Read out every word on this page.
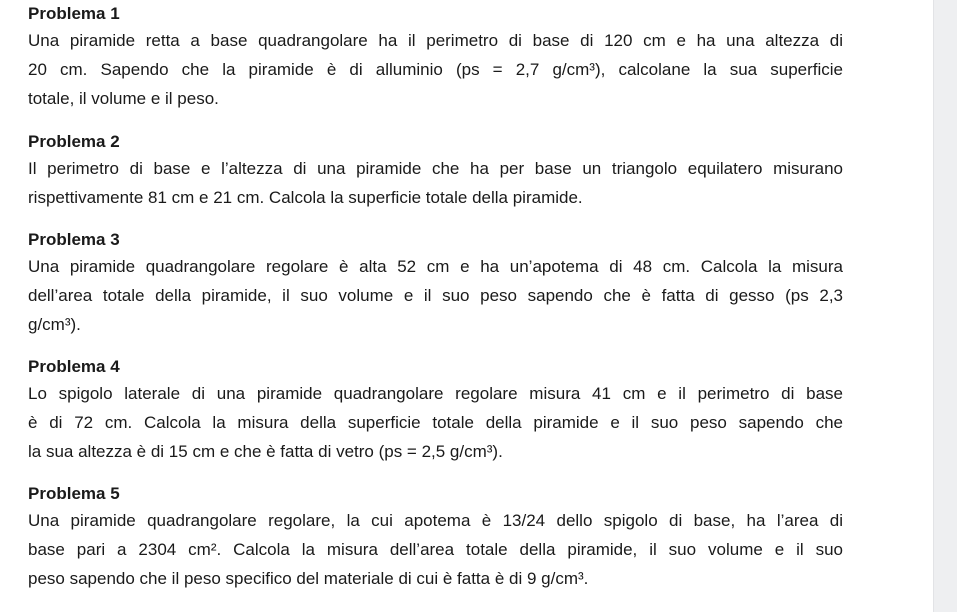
Problema 1
Una piramide retta a base quadrangolare ha il perimetro di base di 120 cm e ha una altezza di
20 cm. Sapendo che la piramide è di alluminio (ps = 2,7 g/cm³), calcolane la sua superficie
totale, il volume e il peso.
Problema 2
Il perimetro di base e l’altezza di una piramide che ha per base un triangolo equilatero misurano
rispettivamente 81 cm e 21 cm. Calcola la superficie totale della piramide.
Problema 3
Una piramide quadrangolare regolare è alta 52 cm e ha un’apotema di 48 cm. Calcola la misura
dell’area totale della piramide, il suo volume e il suo peso sapendo che è fatta di gesso (ps 2,3
g/cm³).
Problema 4
Lo spigolo laterale di una piramide quadrangolare regolare misura 41 cm e il perimetro di base
è di 72 cm. Calcola la misura della superficie totale della piramide e il suo peso sapendo che
la sua altezza è di 15 cm e che è fatta di vetro (ps = 2,5 g/cm³).
Problema 5
Una piramide quadrangolare regolare, la cui apotema è 13/24 dello spigolo di base, ha l’area di
base pari a 2304 cm². Calcola la misura dell’area totale della piramide, il suo volume e il suo
peso sapendo che il peso specifico del materiale di cui è fatta è di 9 g/cm³.
